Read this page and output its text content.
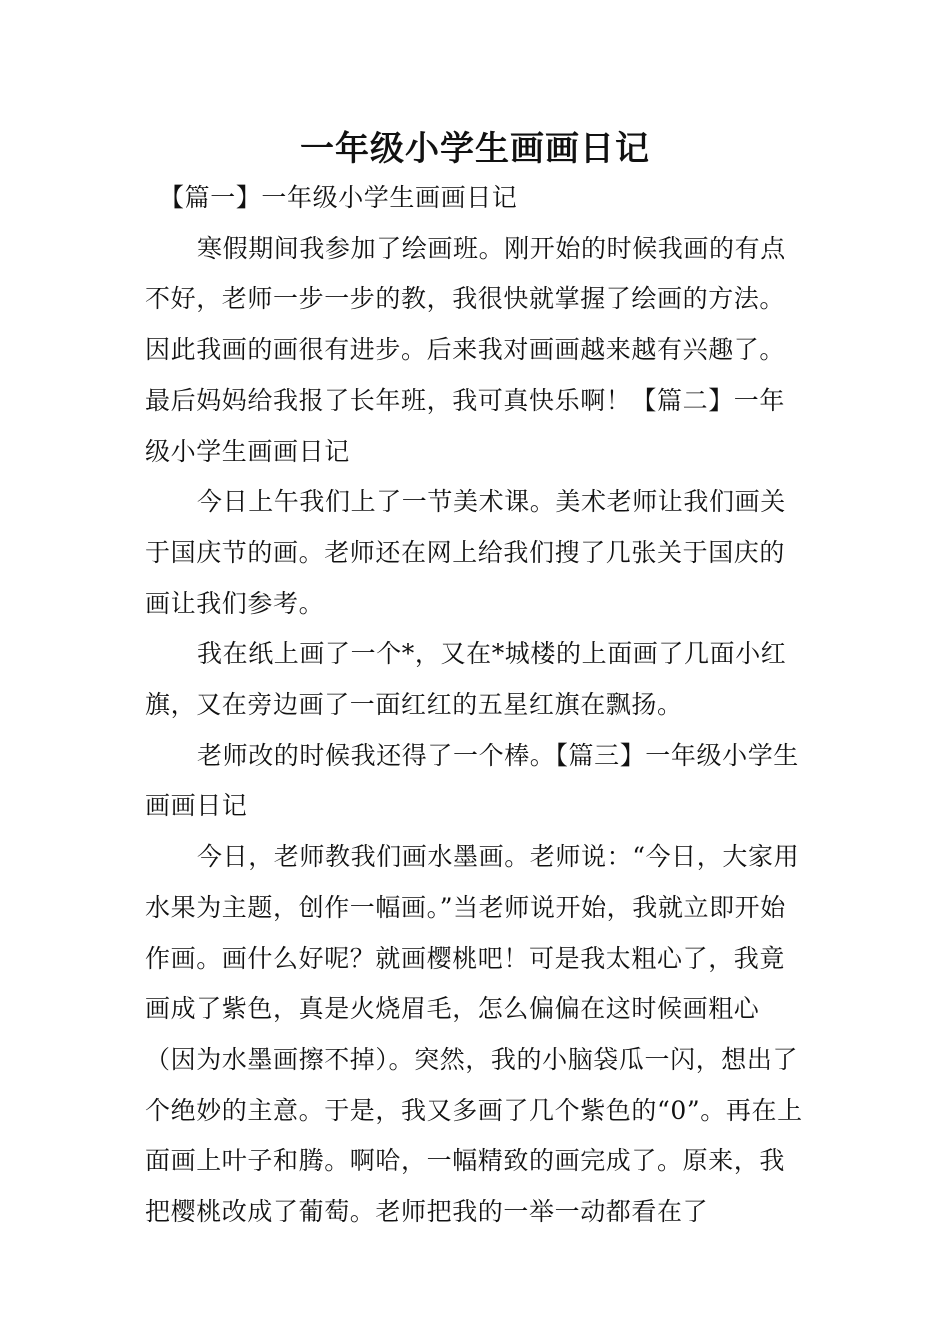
一年级小学生画画日记

【篇一】一年级小学生画画日记

寒假期间我参加了绘画班。刚开始的时候我画的有点不好，老师一步一步的教，我很快就掌握了绘画的方法。因此我画的画很有进步。后来我对画画越来越有兴趣了。最后妈妈给我报了长年班，我可真快乐啊！【篇二】一年级小学生画画日记

今日上午我们上了一节美术课。美术老师让我们画关于国庆节的画。老师还在网上给我们搜了几张关于国庆的画让我们参考。

我在纸上画了一个*，又在*城楼的上面画了几面小红旗，又在旁边画了一面红红的五星红旗在飘扬。

老师改的时候我还得了一个棒。【篇三】一年级小学生画画日记

今日，老师教我们画水墨画。老师说：“今日，大家用水果为主题，创作一幅画。”当老师说开始，我就立即开始作画。画什么好呢？就画樱桃吧！可是我太粗心了，我竟画成了紫色，真是火烧眉毛，怎么偏偏在这时候画粗心（因为水墨画擦不掉）。突然，我的小脑袋瓜一闪，想出了个绝妙的主意。于是，我又多画了几个紫色的“0”。再在上面画上叶子和腾。啊哈，一幅精致的画完成了。原来，我把樱桃改成了葡萄。老师把我的一举一动都看在了
